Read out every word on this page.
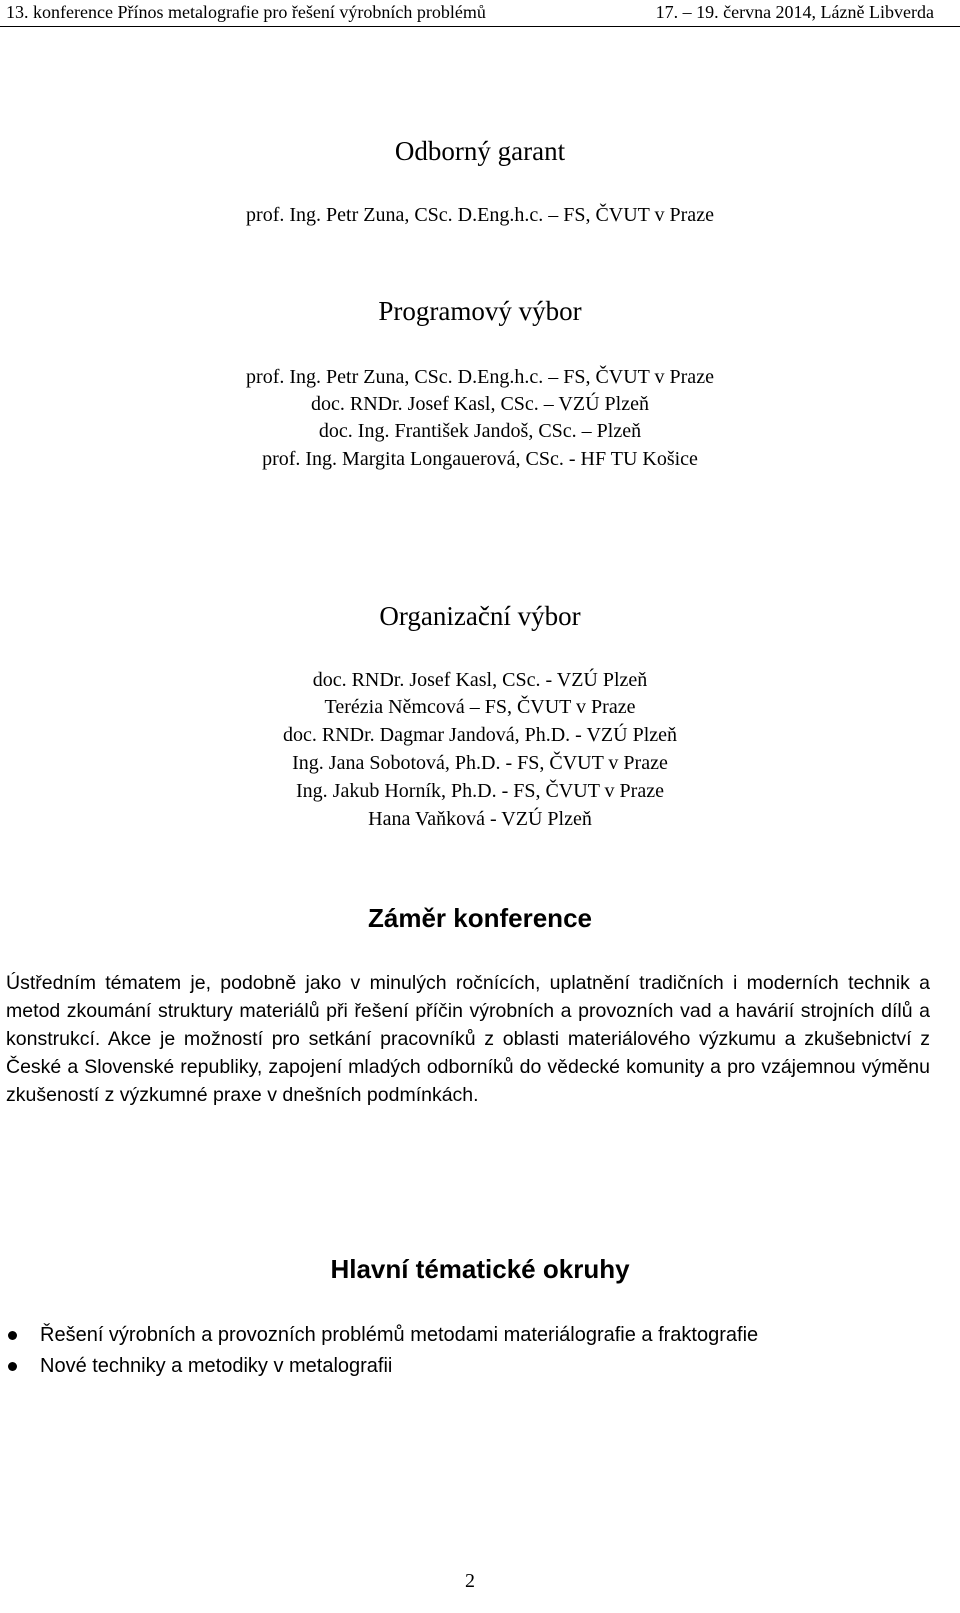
13. konference Přínos metalografie pro řešení výrobních problémů	17. – 19. června 2014, Lázně Libverda
Odborný garant
prof. Ing. Petr Zuna, CSc. D.Eng.h.c. – FS, ČVUT v Praze
Programový výbor
prof. Ing. Petr Zuna, CSc. D.Eng.h.c. – FS, ČVUT v Praze
doc. RNDr. Josef Kasl, CSc. – VZÚ Plzeň
doc. Ing. František Jandoš, CSc. – Plzeň
prof. Ing. Margita Longauerová, CSc. - HF TU Košice
Organizační výbor
doc. RNDr. Josef Kasl, CSc. - VZÚ Plzeň
Terézia Němcová – FS, ČVUT v Praze
doc. RNDr. Dagmar Jandová, Ph.D. - VZÚ Plzeň
Ing. Jana Sobotová, Ph.D. - FS, ČVUT v Praze
Ing. Jakub Horník, Ph.D. - FS, ČVUT v Praze
Hana Vaňková - VZÚ Plzeň
Záměr konference
Ústředním tématem je, podobně jako v minulých ročnících, uplatnění tradičních i moderních technik a metod zkoumání struktury materiálů při řešení příčin výrobních a provozních vad a havárií strojních dílů a konstrukcí. Akce je možností pro setkání pracovníků z oblasti materiálového výzkumu a zkušebnictví z České a Slovenské republiky, zapojení mladých odborníků do vědecké komunity a pro vzájemnou výměnu zkušeností z výzkumné praxe v dnešních podmínkách.
Hlavní tématické okruhy
Řešení výrobních a provozních problémů metodami materiálografie a fraktografie
Nové techniky a metodiky v metalografii
2
